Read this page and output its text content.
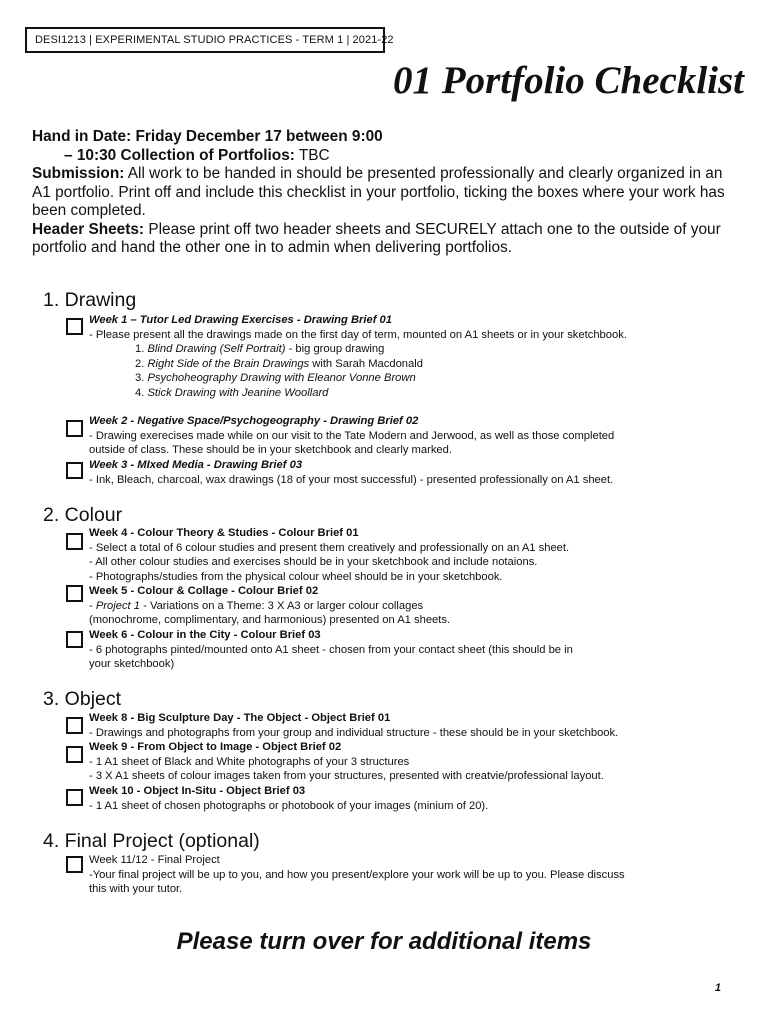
DESI1213 | EXPERIMENTAL STUDIO PRACTICES - TERM 1 | 2021-22
01 Portfolio Checklist

Hand in Date: Friday December 17 between 9:00

– 10:30 Collection of Portfolios: TBC

Submission: All work to be handed in should be presented professionally and clearly organized in an A1 portfolio. Print off and include this checklist in your portfolio, ticking the boxes where your work has been completed.

Header Sheets: Please print off two header sheets and SECURELY attach one to the outside of your portfolio and hand the other one in to admin when delivering portfolios.

1. Drawing
Week 1 – Tutor Led Drawing Exercises - Drawing Brief 01
- Please present all the drawings made on the first day of term, mounted on A1 sheets or in your sketchbook.
1. Blind Drawing (Self Portrait) - big group drawing
2. Right Side of the Brain Drawings with Sarah Macdonald
3. Psychoheography Drawing with Eleanor Vonne Brown
4. Stick Drawing with Jeanine Woollard
Week 2 - Negative Space/Psychogeography - Drawing Brief 02
- Drawing exerecises made while on our visit to the Tate Modern and Jerwood, as well as those completed
outside of class. These should be in your sketchbook and clearly marked.
Week 3 - MIxed Media - Drawing Brief 03
- Ink, Bleach, charcoal, wax drawings (18 of your most successful) - presented professionally on A1 sheet.
2. Colour
Week 4 - Colour Theory & Studies - Colour Brief 01
- Select a total of 6 colour studies and present them creatively and professionally on an A1 sheet.
- All other colour studies and exercises should be in your sketchbook and include notaions.
- Photographs/studies from the physical colour wheel should be in your sketchbook.
Week 5 - Colour & Collage - Colour Brief 02
- Project 1 - Variations on a Theme: 3 X A3 or larger colour collages
(monochrome, complimentary, and harmonious) presented on A1 sheets.
Week 6 - Colour in the City - Colour Brief 03
- 6 photographs pinted/mounted onto A1 sheet - chosen from your contact sheet (this should be in
your sketchbook)
3. Object
Week 8 - Big Sculpture Day - The Object - Object Brief 01
- Drawings and photographs from your group and individual structure - these should be in your sketchbook.
Week 9 - From Object to Image - Object Brief 02
- 1 A1 sheet of Black and White photographs of your 3 structures
- 3 X A1 sheets of colour images taken from your structures, presented with creatvie/professional layout.
Week 10 - Object In-Situ - Object Brief 03
- 1 A1 sheet of chosen photographs or photobook of your images (minium of 20).
4. Final Project (optional)
Week 11/12 - Final Project
-Your final project will be up to you, and how you present/explore your work will be up to you. Please discuss
this with your tutor.
Please turn over for additional items
1
